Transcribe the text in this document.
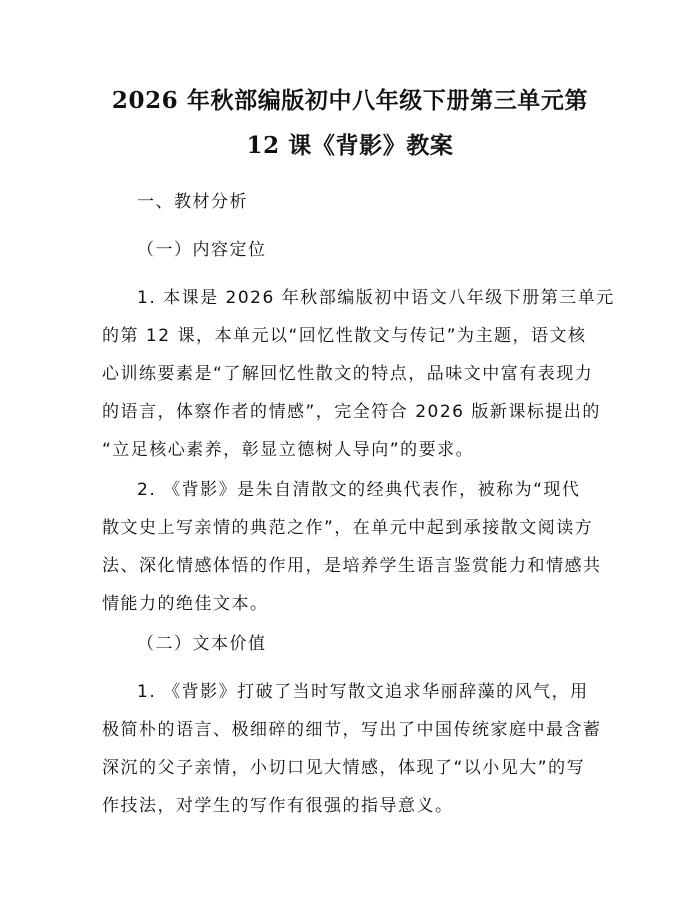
2026 年秋部编版初中八年级下册第三单元第
12 课《背影》教案

一、教材分析

（一）内容定位

1. 本课是 2026 年秋部编版初中语文八年级下册第三单元

的第 12 课，本单元以“回忆性散文与传记”为主题，语文核

心训练要素是“了解回忆性散文的特点，品味文中富有表现力

的语言，体察作者的情感”，完全符合 2026 版新课标提出的

“立足核心素养，彰显立德树人导向”的要求。

2. 《背影》是朱自清散文的经典代表作，被称为“现代

散文史上写亲情的典范之作”，在单元中起到承接散文阅读方

法、深化情感体悟的作用，是培养学生语言鉴赏能力和情感共

情能力的绝佳文本。

（二）文本价值

1. 《背影》打破了当时写散文追求华丽辞藻的风气，用

极简朴的语言、极细碎的细节，写出了中国传统家庭中最含蓄

深沉的父子亲情，小切口见大情感，体现了“以小见大”的写

作技法，对学生的写作有很强的指导意义。
